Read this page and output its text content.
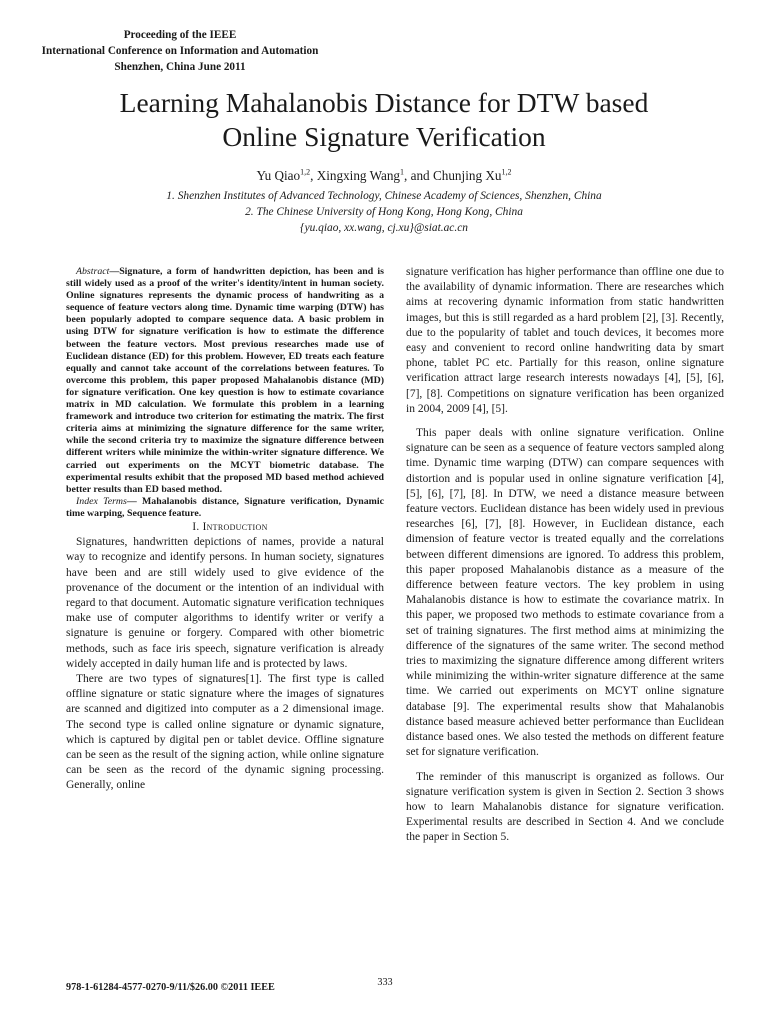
Proceeding of the IEEE
International Conference on Information and Automation
Shenzhen, China June 2011
Learning Mahalanobis Distance for DTW based
Online Signature Verification
Yu Qiao$^{1,2}$, Xingxing Wang$^1$, and Chunjing Xu$^{1,2}$
1. Shenzhen Institutes of Advanced Technology, Chinese Academy of Sciences, Shenzhen, China
2. The Chinese University of Hong Kong, Hong Kong, China
{yu.qiao, xx.wang, cj.xu}@siat.ac.cn

Abstract—Signature, a form of handwritten depiction, has been and is still widely used as a proof of the writer's identity/intent in human society. Online signatures represents the dynamic process of handwriting as a sequence of feature vectors along time. Dynamic time warping (DTW) has been popularly adopted to compare sequence data. A basic problem in using DTW for signature verification is how to estimate the difference between the feature vectors. Most previous researches made use of Euclidean distance (ED) for this problem. However, ED treats each feature equally and cannot take account of the correlations between features. To overcome this problem, this paper proposed Mahalanobis distance (MD) for signature verification. One key question is how to estimate covariance matrix in MD calculation. We formulate this problem in a learning framework and introduce two criterion for estimating the matrix. The first criteria aims at minimizing the signature difference for the same writer, while the second criteria try to maximize the signature difference between different writers while minimize the within-writer signature difference. We carried out experiments on the MCYT biometric database. The experimental results exhibit that the proposed MD based method achieved better results than ED based method.

Index Terms— Mahalanobis distance, Signature verification, Dynamic time warping, Sequence feature.

I. Introduction

Signatures, handwritten depictions of names, provide a natural way to recognize and identify persons. In human society, signatures have been and are still widely used to give evidence of the provenance of the document or the intention of an individual with regard to that document. Automatic signature verification techniques make use of computer algorithms to identify writer or verify a signature is genuine or forgery. Compared with other biometric methods, such as face iris speech, signature verification is already widely accepted in daily human life and is protected by laws.

There are two types of signatures[1]. The first type is called offline signature or static signature where the images of signatures are scanned and digitized into computer as a 2 dimensional image. The second type is called online signature or dynamic signature, which is captured by digital pen or tablet device. Offline signature can be seen as the result of the signing action, while online signature can be seen as the record of the dynamic signing processing. Generally, online

signature verification has higher performance than offline one due to the availability of dynamic information. There are researches which aims at recovering dynamic information from static handwritten images, but this is still regarded as a hard problem [2], [3]. Recently, due to the popularity of tablet and touch devices, it becomes more easy and convenient to record online handwriting data by smart phone, tablet PC etc. Partially for this reason, online signature verification attract large research interests nowadays [4], [5], [6], [7], [8]. Competitions on signature verification has been organized in 2004, 2009 [4], [5].

This paper deals with online signature verification. Online signature can be seen as a sequence of feature vectors sampled along time. Dynamic time warping (DTW) can compare sequences with distortion and is popular used in online signature verification [4], [5], [6], [7], [8]. In DTW, we need a distance measure between feature vectors. Euclidean distance has been widely used in previous researches [6], [7], [8]. However, in Euclidean distance, each dimension of feature vector is treated equally and the correlations between different dimensions are ignored. To address this problem, this paper proposed Mahalanobis distance as a measure of the difference between feature vectors. The key problem in using Mahalanobis distance is how to estimate the covariance matrix. In this paper, we proposed two methods to estimate covariance from a set of training signatures. The first method aims at minimizing the difference of the signatures of the same writer. The second method tries to maximizing the signature difference among different writers while minimizing the within-writer signature difference at the same time. We carried out experiments on MCYT online signature database [9]. The experimental results show that Mahalanobis distance based measure achieved better performance than Euclidean distance based ones. We also tested the methods on different feature set for signature verification.

The reminder of this manuscript is organized as follows. Our signature verification system is given in Section 2. Section 3 shows how to learn Mahalanobis distance for signature verification. Experimental results are described in Section 4. And we conclude the paper in Section 5.

978-1-61284-4577-0270-9/11/$26.00 ©2011 IEEE	333
